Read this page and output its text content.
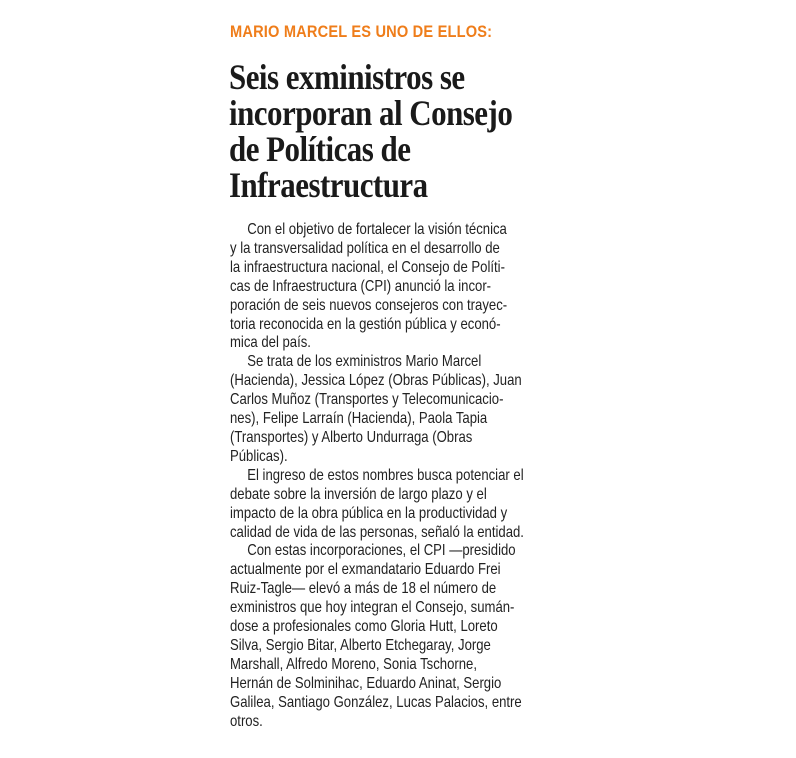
MARIO MARCEL ES UNO DE ELLOS:
Seis exministros se
incorporan al Consejo
de Políticas de
Infraestructura
Con el objetivo de fortalecer la visión técnica
y la transversalidad política en el desarrollo de
la infraestructura nacional, el Consejo de Políti-
cas de Infraestructura (CPI) anunció la incor-
poración de seis nuevos consejeros con trayec-
toria reconocida en la gestión pública y econó-
mica del país.
Se trata de los exministros Mario Marcel
(Hacienda), Jessica López (Obras Públicas), Juan
Carlos Muñoz (Transportes y Telecomunicacio-
nes), Felipe Larraín (Hacienda), Paola Tapia
(Transportes) y Alberto Undurraga (Obras
Públicas).
El ingreso de estos nombres busca potenciar el
debate sobre la inversión de largo plazo y el
impacto de la obra pública en la productividad y
calidad de vida de las personas, señaló la entidad.
Con estas incorporaciones, el CPI —presidido
actualmente por el exmandatario Eduardo Frei
Ruiz-Tagle— elevó a más de 18 el número de
exministros que hoy integran el Consejo, sumán-
dose a profesionales como Gloria Hutt, Loreto
Silva, Sergio Bitar, Alberto Etchegaray, Jorge
Marshall, Alfredo Moreno, Sonia Tschorne,
Hernán de Solminihac, Eduardo Aninat, Sergio
Galilea, Santiago González, Lucas Palacios, entre
otros.
